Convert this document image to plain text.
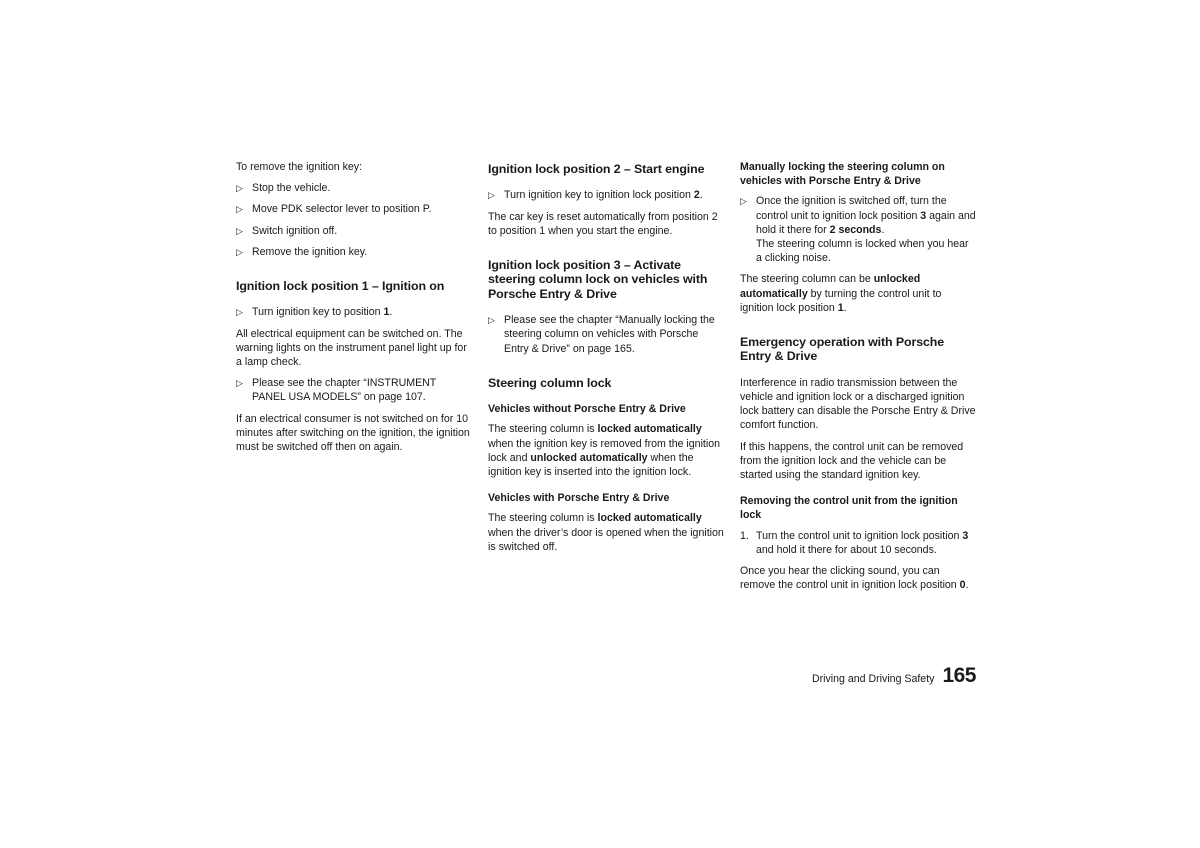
To remove the ignition key:

▷ Stop the vehicle.
▷ Move PDK selector lever to position P.
▷ Switch ignition off.
▷ Remove the ignition key.
Ignition lock position 1 – Ignition on
▷ Turn ignition key to position 1.

All electrical equipment can be switched on. The warning lights on the instrument panel light up for a lamp check.

▷ Please see the chapter “INSTRUMENT PANEL USA MODELS” on page 107.

If an electrical consumer is not switched on for 10 minutes after switching on the ignition, the ignition must be switched off then on again.

Ignition lock position 2 – Start engine
▷ Turn ignition key to ignition lock position 2.

The car key is reset automatically from position 2 to position 1 when you start the engine.

Ignition lock position 3 – Activate steering column lock on vehicles with Porsche Entry & Drive
▷ Please see the chapter “Manually locking the steering column on vehicles with Porsche Entry & Drive” on page 165.
Steering column lock
Vehicles without Porsche Entry & Drive

The steering column is locked automatically when the ignition key is removed from the ignition lock and unlocked automatically when the ignition key is inserted into the ignition lock.

Vehicles with Porsche Entry & Drive

The steering column is locked automatically when the driver’s door is opened when the ignition is switched off.

Manually locking the steering column on vehicles with Porsche Entry & Drive
▷ Once the ignition is switched off, turn the control unit to ignition lock position 3 again and hold it there for 2 seconds.
The steering column is locked when you hear a clicking noise.

The steering column can be unlocked automatically by turning the control unit to ignition lock position 1.

Emergency operation with Porsche Entry & Drive

Interference in radio transmission between the vehicle and ignition lock or a discharged ignition lock battery can disable the Porsche Entry & Drive comfort function.

If this happens, the control unit can be removed from the ignition lock and the vehicle can be started using the standard ignition key.

Removing the control unit from the ignition lock
1. Turn the control unit to ignition lock position 3 and hold it there for about 10 seconds.

Once you hear the clicking sound, you can remove the control unit in ignition lock position 0.

Driving and Driving Safety 165
